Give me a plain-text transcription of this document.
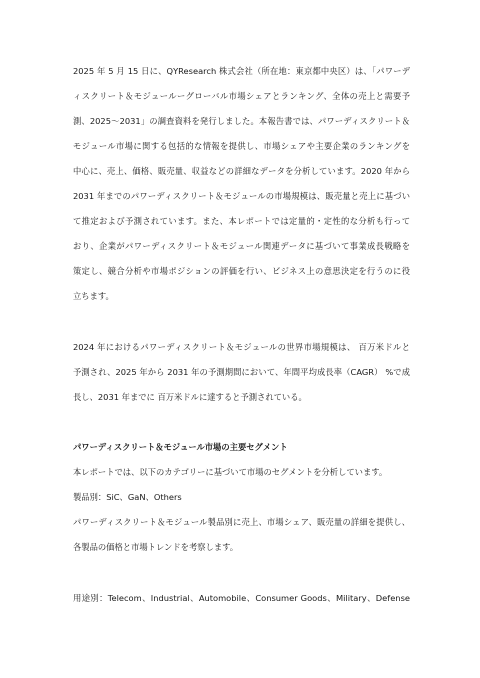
2025 年 5 月 15 日に、QYResearch 株式会社（所在地：東京都中央区）は、「パワーデ
ィスクリート＆モジュールーグローバル市場シェアとランキング、全体の売上と需要予
測、2025～2031」の調査資料を発行しました。本報告書では、パワーディスクリート＆
モジュール市場に関する包括的な情報を提供し、市場シェアや主要企業のランキングを
中心に、売上、価格、販売量、収益などの詳細なデータを分析しています。2020 年から
2031 年までのパワーディスクリート＆モジュールの市場規模は、販売量と売上に基づい
て推定および予測されています。また、本レポートでは定量的・定性的な分析も行って
おり、企業がパワーディスクリート＆モジュール関連データに基づいて事業成長戦略を
策定し、競合分析や市場ポジションの評価を行い、ビジネス上の意思決定を行うのに役
立ちます。
2024 年におけるパワーディスクリート＆モジュールの世界市場規模は、 百万米ドルと
予測され、2025 年から 2031 年の予測期間において、年間平均成長率（CAGR） %で成
長し、2031 年までに 百万米ドルに達すると予測されている。
パワーディスクリート＆モジュール市場の主要セグメント
本レポートでは、以下のカテゴリーに基づいて市場のセグメントを分析しています。
製品別：SiC、GaN、Others
パワーディスクリート＆モジュール製品別に売上、市場シェア、販売量の詳細を提供し、
各製品の価格と市場トレンドを考察します。
用途別：Telecom、Industrial、Automobile、Consumer Goods、Military、Defense
